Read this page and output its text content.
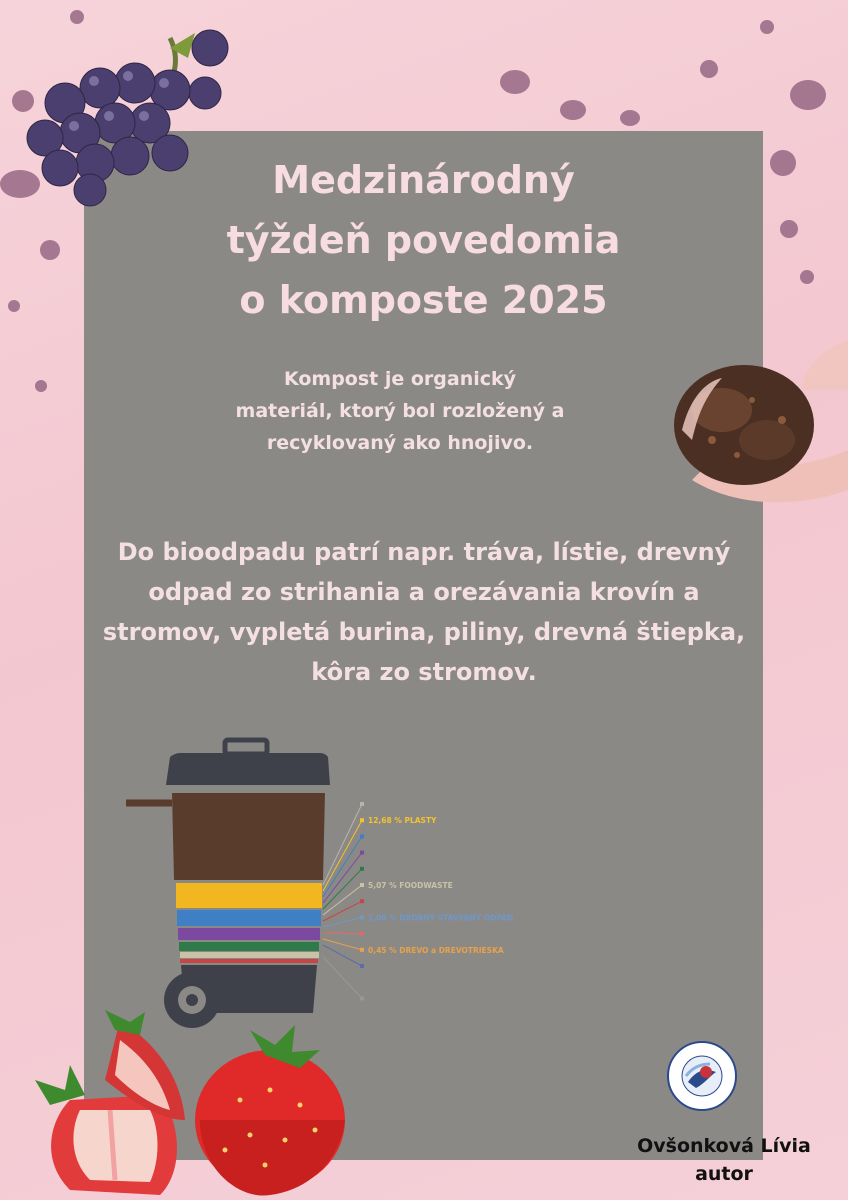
Medzinárodný
týždeň povedomia
o komposte 2025

Kompost je organický
materiál, ktorý bol rozložený a
recyklovaný ako hnojivo.

Do bioodpadu patrí napr. tráva, lístie, drevný odpad zo strihania a orezávania krovín a stromov, vypletá burina, piliny, drevná štiepka, kôra zo stromov.

12,68 % PLASTY
5,07 % FOODWASTE
1,00 % DROBNÝ STAVEBNÝ ODPAD
0,45 % DREVO a DREVOTRIESKA
Ovšonková Lívia
autor
